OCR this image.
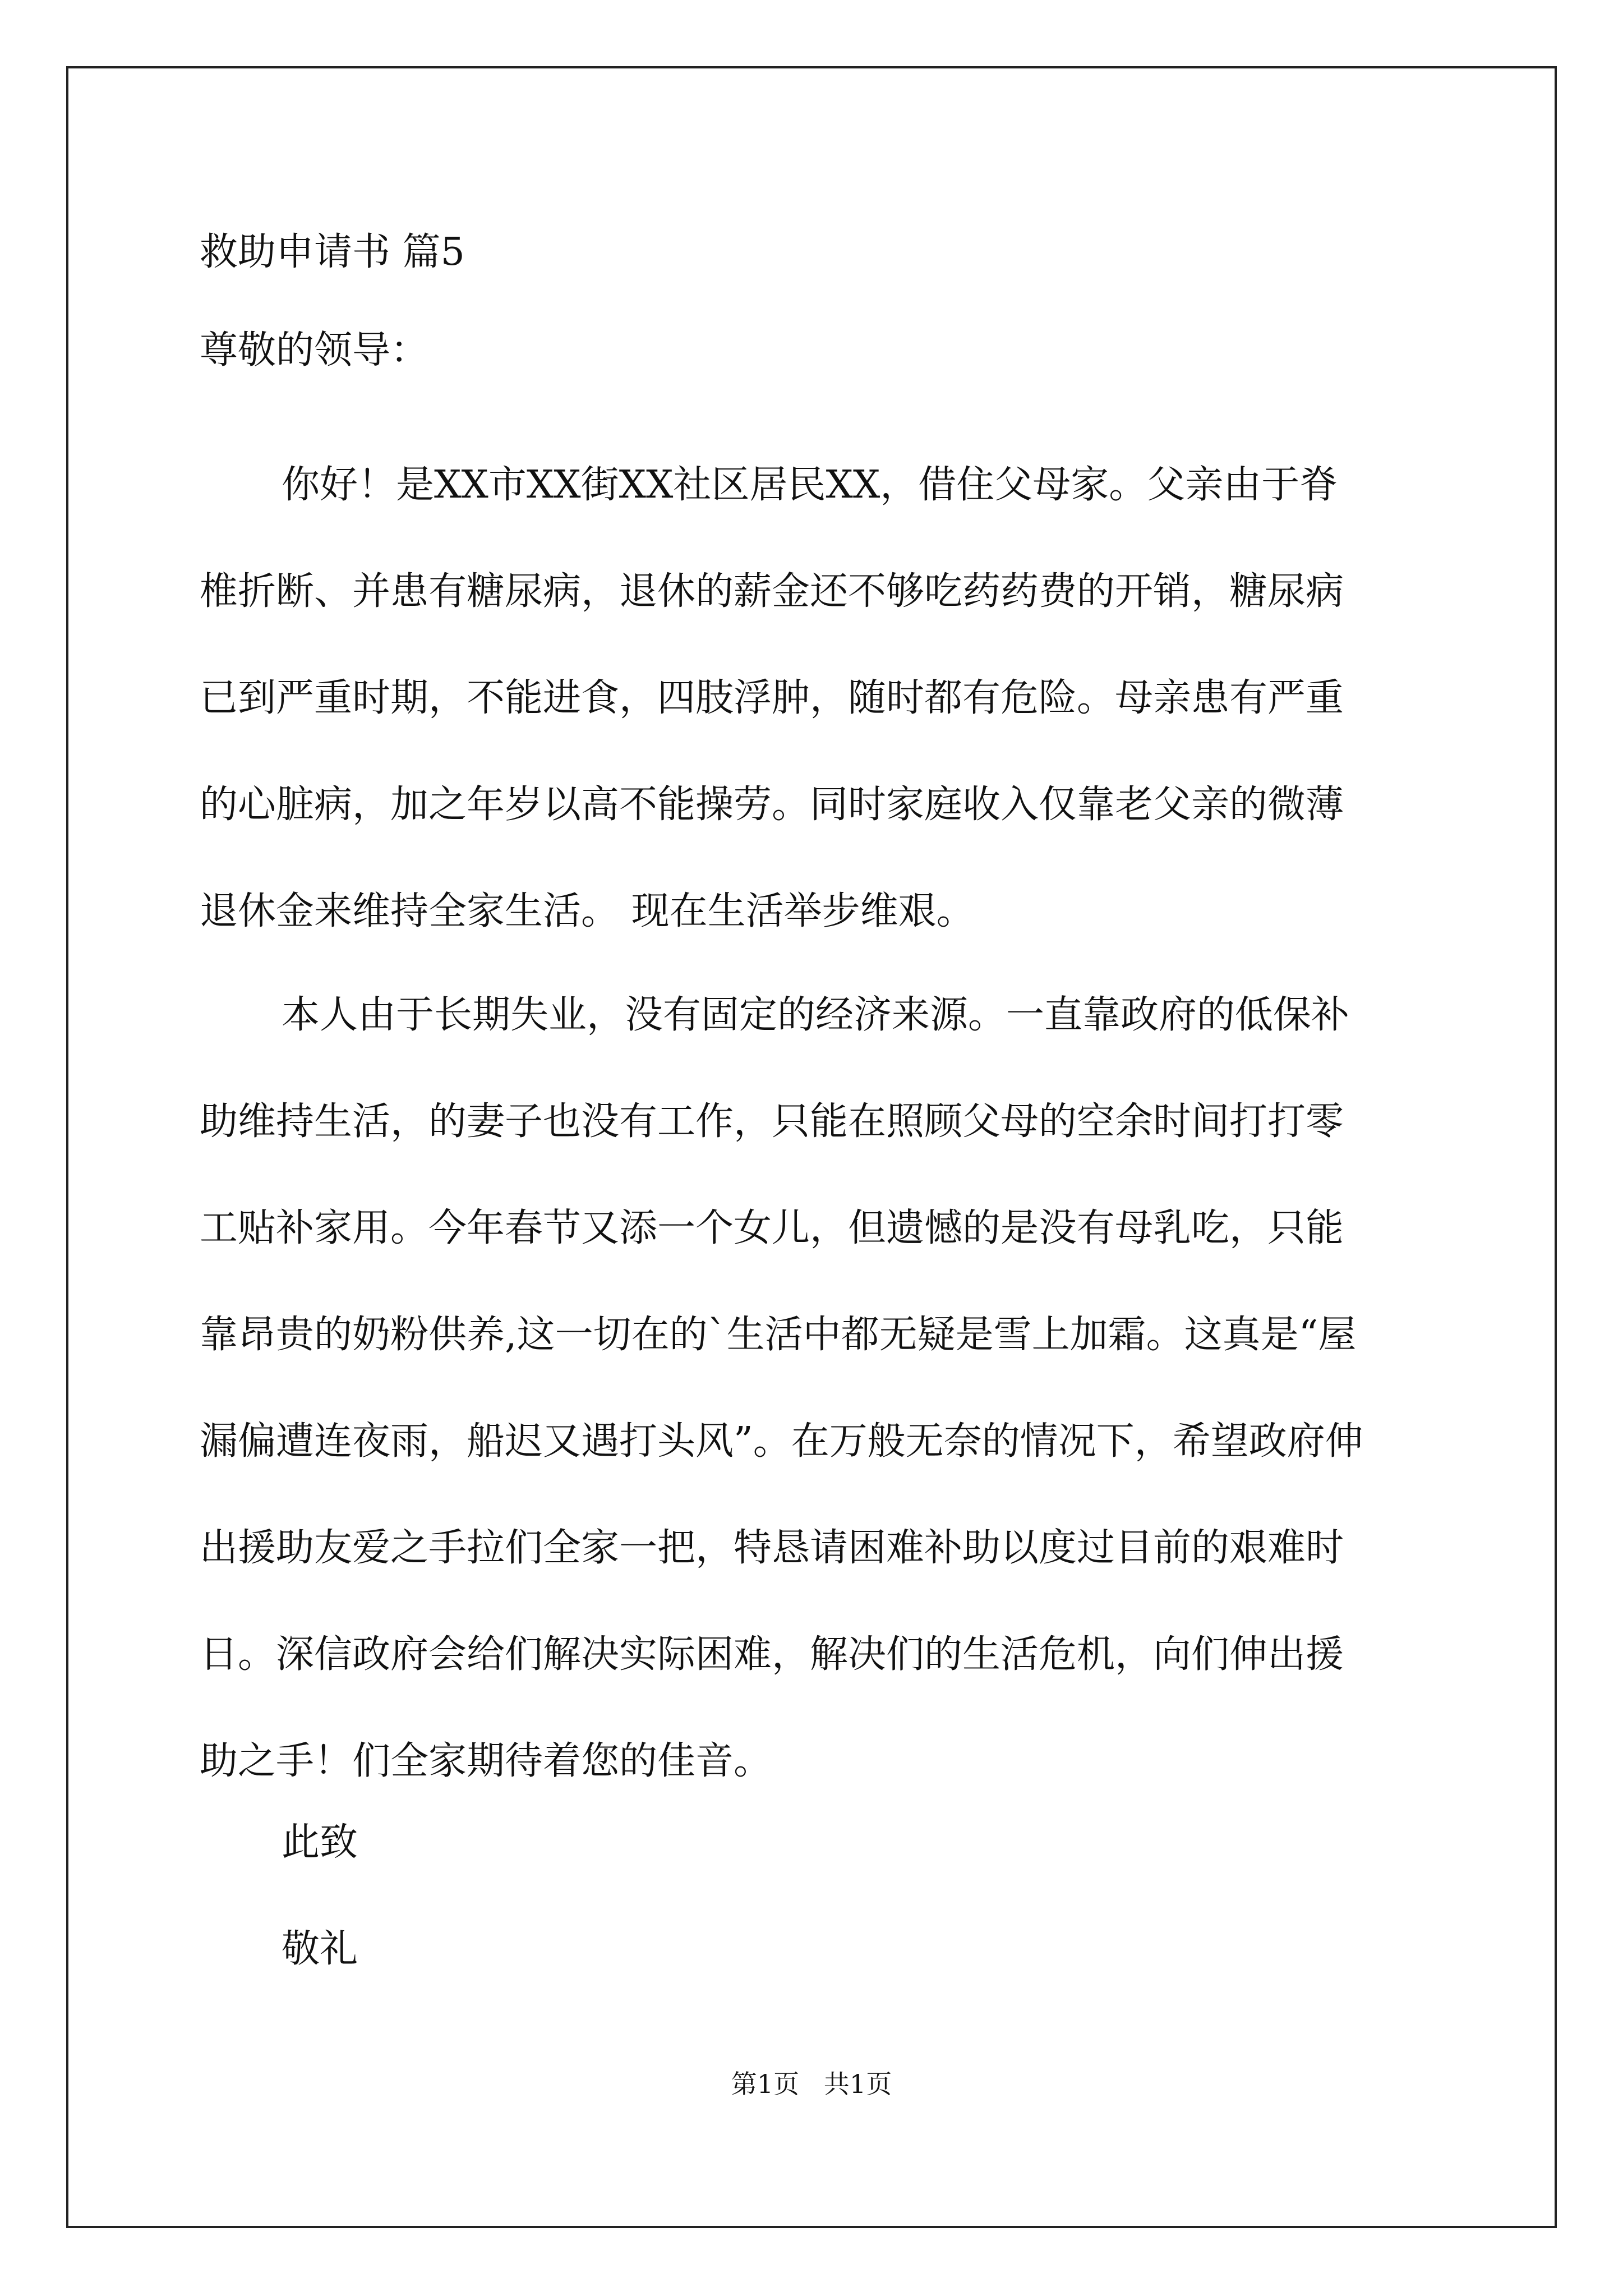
救助申请书 篇5
尊敬的领导：
你好！是XX市XX街XX社区居民XX，借住父母家。父亲由于脊
椎折断、并患有糖尿病，退休的薪金还不够吃药药费的开销，糖尿病
已到严重时期，不能进食，四肢浮肿，随时都有危险。母亲患有严重
的心脏病，加之年岁以高不能操劳。同时家庭收入仅靠老父亲的微薄
退休金来维持全家生活。 现在生活举步维艰。
本人由于长期失业，没有固定的经济来源。一直靠政府的低保补
助维持生活，的妻子也没有工作，只能在照顾父母的空余时间打打零
工贴补家用。今年春节又添一个女儿，但遗憾的是没有母乳吃，只能
靠昂贵的奶粉供养,这一切在的`生活中都无疑是雪上加霜。这真是“屋
漏偏遭连夜雨，船迟又遇打头风”。在万般无奈的情况下，希望政府伸
出援助友爱之手拉们全家一把，特恳请困难补助以度过目前的艰难时
日。深信政府会给们解决实际困难，解决们的生活危机，向们伸出援
助之手！们全家期待着您的佳音。
此致
敬礼
第1页   共1页
